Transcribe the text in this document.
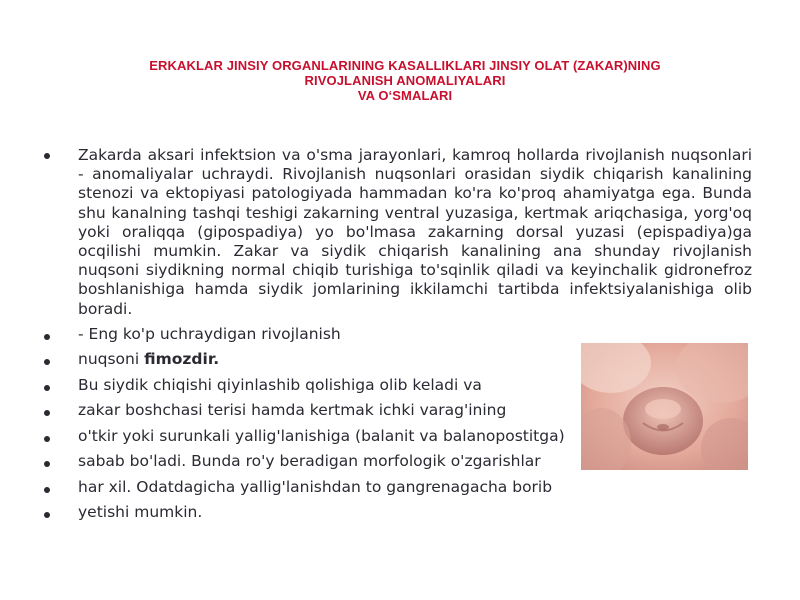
ERKAKLAR JINSIY ORGANLARINING KASALLIKLARI JINSIY OLAT (ZAKAR)NING
RIVOJLANISH ANOMALIYALARI
VA O‘SMALARI
Zakarda aksari infektsion va o'sma jarayonlari, kamroq hollarda rivojlanish nuqsonlari - anomaliyalar uchraydi. Rivojlanish nuqsonlari orasidan siydik chiqarish kanalining stenozi va ektopiyasi patologiyada hammadan ko'ra ko'proq ahamiyatga ega. Bunda shu kanalning tashqi teshigi zakarning ventral yuzasiga, kertmak ariqchasiga, yorg'oq yoki oraliqqa (gipospadiya) yo bo'lmasa zakarning dorsal yuzasi (epispadiya)ga ocqilishi mumkin. Zakar va siydik chiqarish kanalining ana shunday rivojlanish nuqsoni siydikning normal chiqib turishiga to'sqinlik qiladi va keyinchalik gidronefroz boshlanishiga hamda siydik jomlarining ikkilamchi tartibda infektsiyalanishiga olib boradi.
- Eng ko'p uchraydigan rivojlanish
nuqsoni fimozdir.
Bu siydik chiqishi qiyinlashib qolishiga olib keladi va
zakar boshchasi terisi hamda kertmak ichki varag'ining
o'tkir yoki surunkali yallig'lanishiga (balanit va balanopostitga)
sabab bo'ladi. Bunda ro'y beradigan morfologik o'zgarishlar
har xil. Odatdagicha yallig'lanishdan to gangrenagacha borib
yetishi mumkin.
